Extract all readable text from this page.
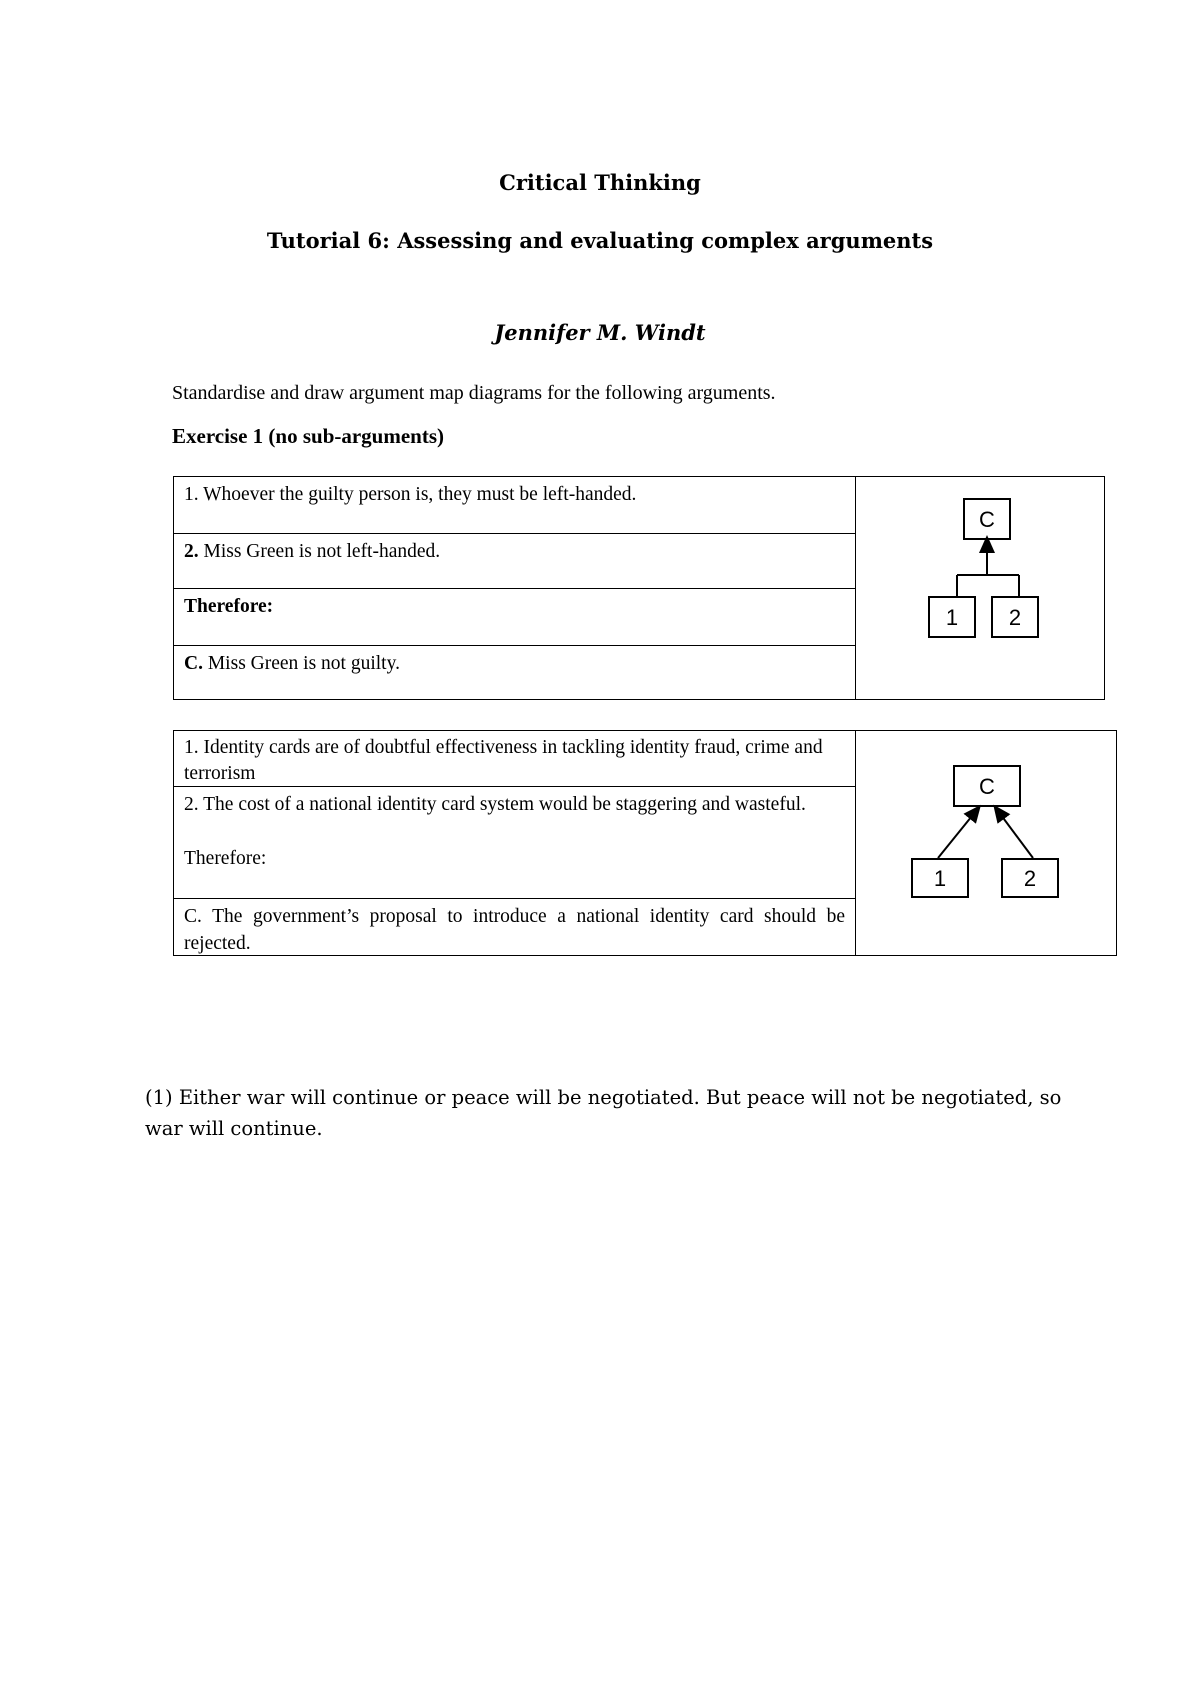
Critical Thinking
Tutorial 6: Assessing and evaluating complex arguments
Jennifer M. Windt
Standardise and draw argument map diagrams for the following arguments.
Exercise 1 (no sub-arguments)
1. Whoever the guilty person is, they must be left-handed.
2. Miss Green is not left-handed.
Therefore:
C. Miss Green is not guilty.
C
1 2
1. Identity cards are of doubtful effectiveness in tackling identity fraud, crime and terrorism
2. The cost of a national identity card system would be staggering and wasteful.
Therefore:
C. The government’s proposal to introduce a national identity card should be rejected.
C
1	2
(1) Either war will continue or peace will be negotiated. But peace will not be negotiated, so war will continue.
